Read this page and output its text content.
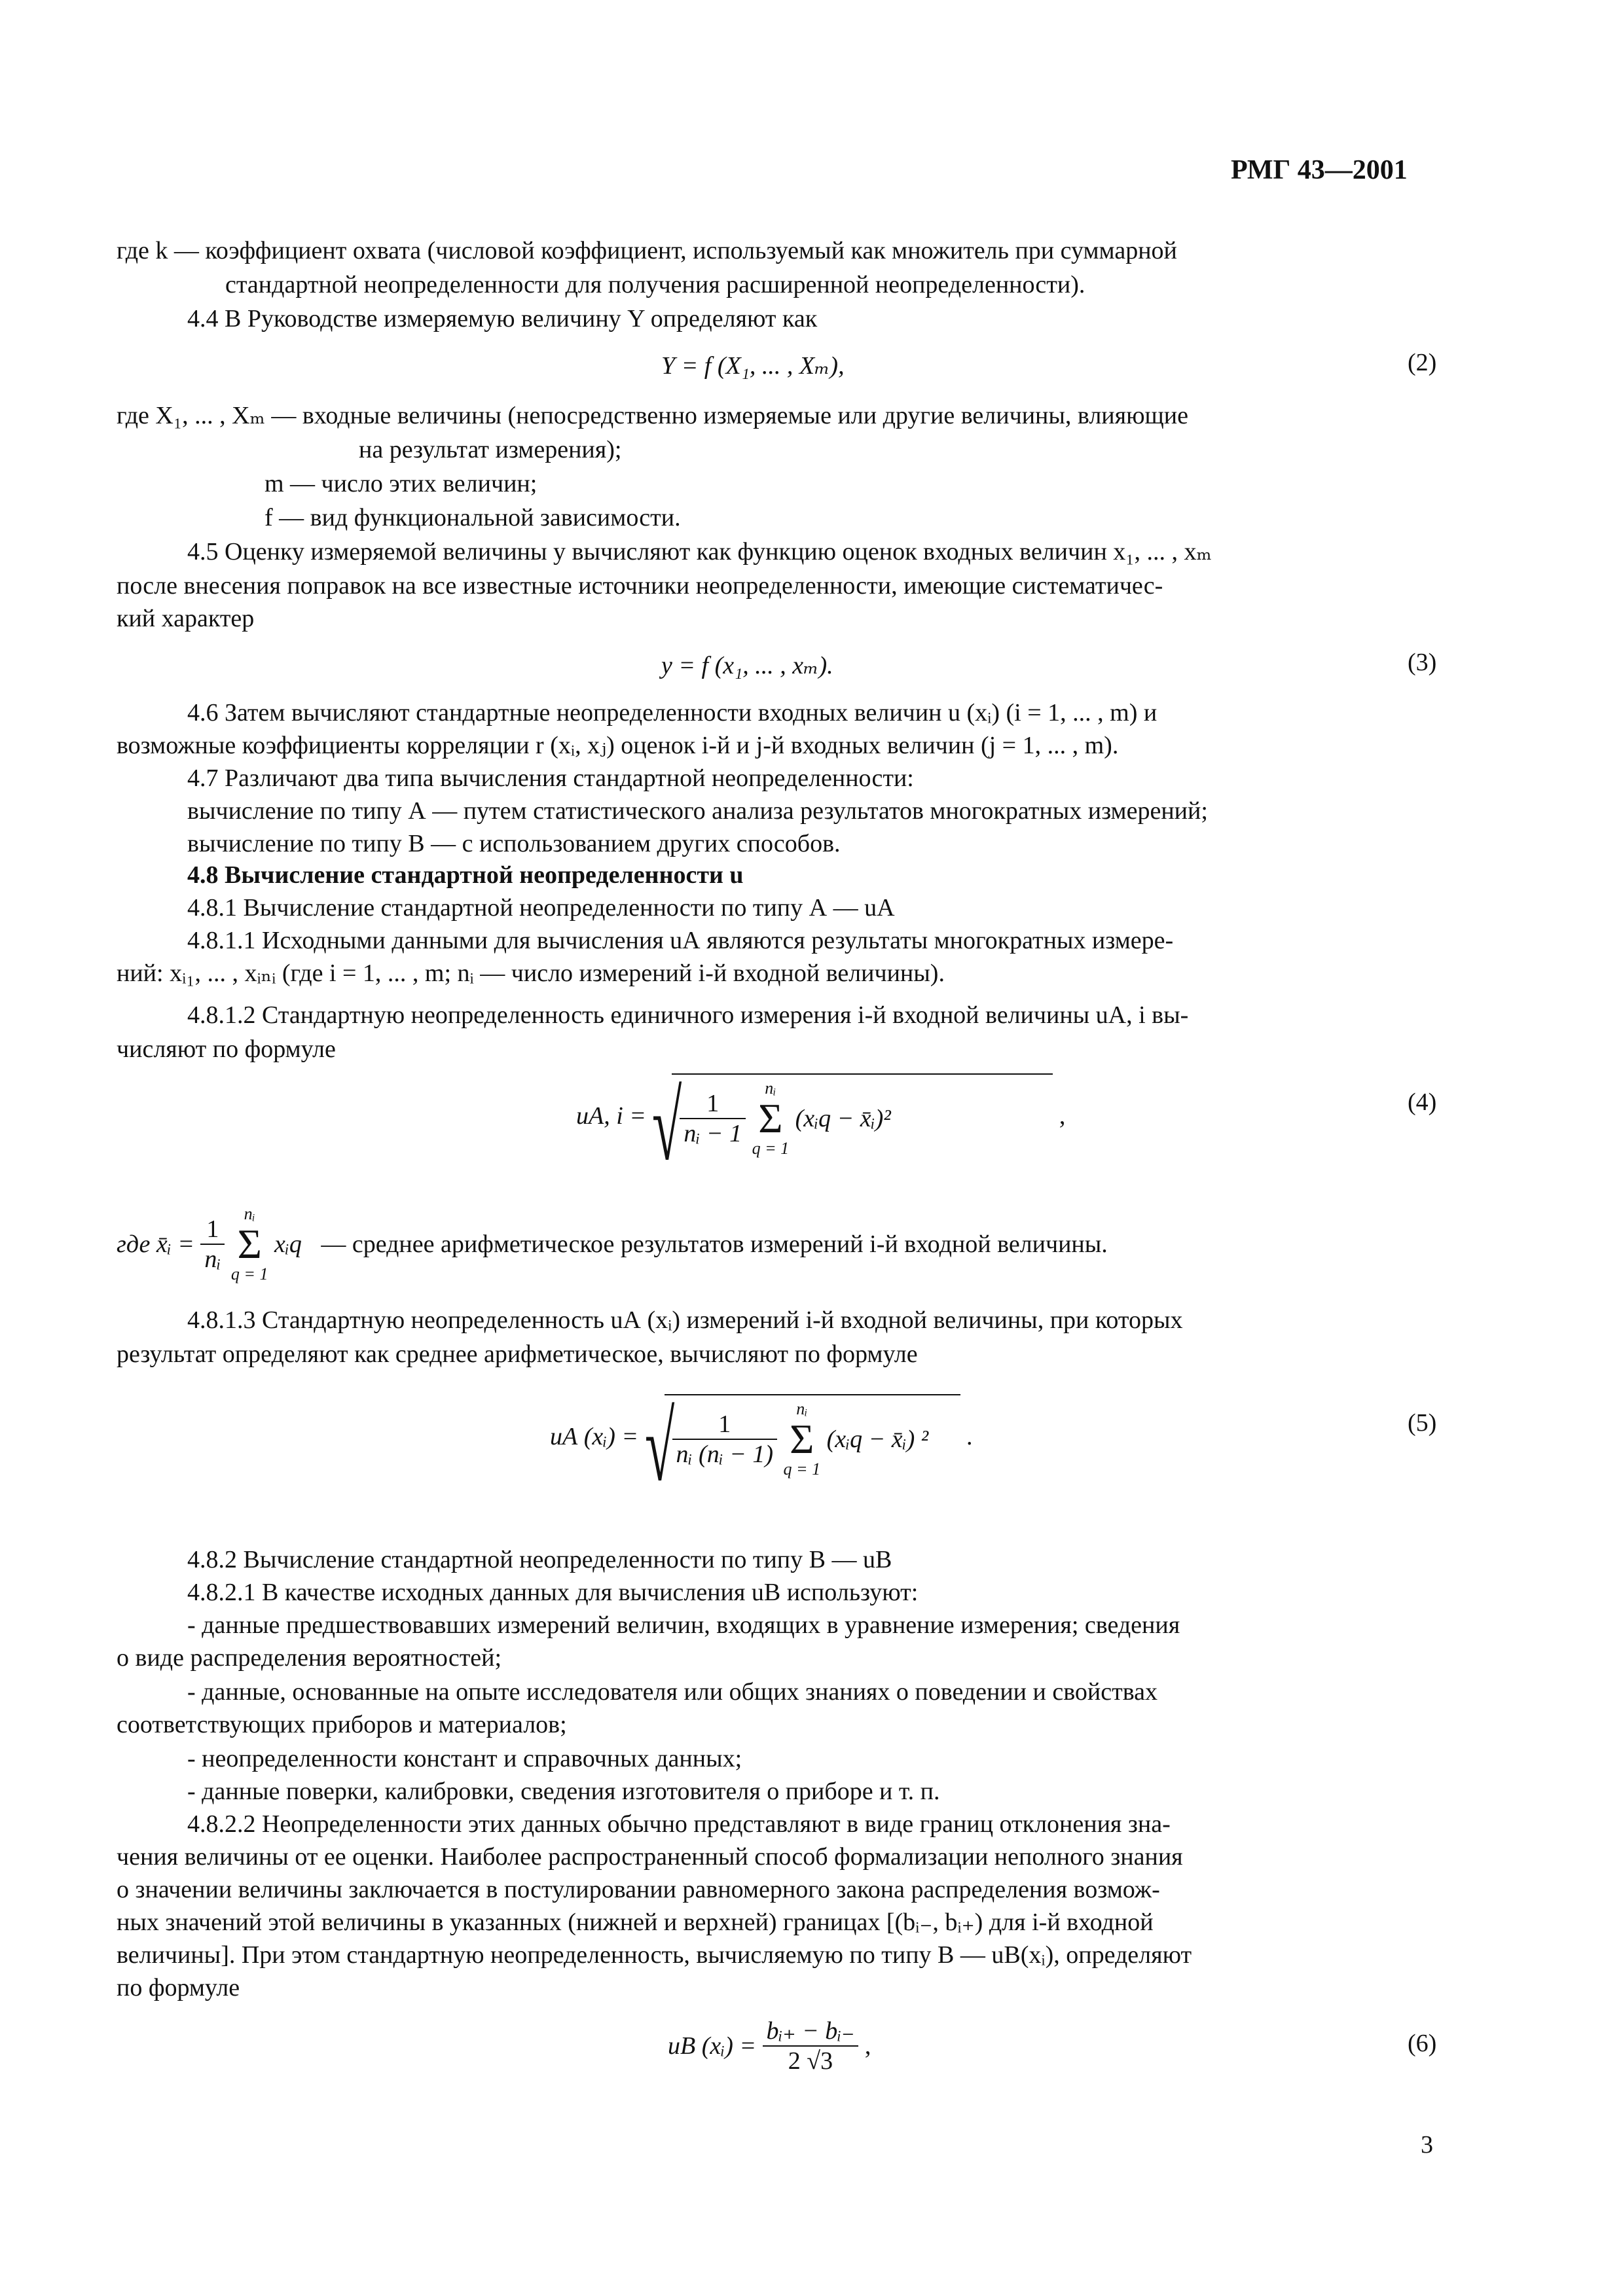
РМГ 43—2001
где k — коэффициент охвата (числовой коэффициент, используемый как множитель при суммарной
стандартной неопределенности для получения расширенной неопределенности).
4.4 В Руководстве измеряемую величину Y определяют как
Y = f (X₁, ... , Xₘ),	(2)
где X₁, ... , Xₘ — входные величины (непосредственно измеряемые или другие величины, влияющие
на результат измерения);
m — число этих величин;
f — вид функциональной зависимости.
4.5 Оценку измеряемой величины y вычисляют как функцию оценок входных величин x₁, ... , xₘ
после внесения поправок на все известные источники неопределенности, имеющие систематичес-
кий характер
y = f (x₁, ... , xₘ).	(3)
4.6 Затем вычисляют стандартные неопределенности входных величин u (xᵢ) (i = 1, ... , m) и
возможные коэффициенты корреляции r (xᵢ, xⱼ) оценок i-й и j-й входных величин (j = 1, ... , m).
4.7 Различают два типа вычисления стандартной неопределенности:
вычисление по типу А — путем статистического анализа результатов многократных измерений;
вычисление по типу В — с использованием других способов.
4.8 Вычисление стандартной неопределенности u
4.8.1 Вычисление стандартной неопределенности по типу А — uА
4.8.1.1 Исходными данными для вычисления uА являются результаты многократных измере-
ний: xᵢ₁, ... , xᵢₙᵢ (где i = 1, ... , m; nᵢ — число измерений i-й входной величины).
4.8.1.2 Стандартную неопределенность единичного измерения i-й входной величины uА, i вы-
числяют по формуле
uА, i = √
$\frac{1}{\text{nᵢ − 1}}$

nᵢ
Σ
q = 1
(xᵢq − x̄ᵢ)²	,	(4)
где x̄ᵢ = $\frac{1}{\text{nᵢ}}$

nᵢ
Σ
q = 1
xᵢq — среднее арифметическое результатов измерений i-й входной величины.
4.8.1.3 Стандартную неопределенность uА (xᵢ) измерений i-й входной величины, при которых
результат определяют как среднее арифметическое, вычисляют по формуле
uА (xᵢ) = √
$\frac{1}{\text{nᵢ (nᵢ − 1)}}$

nᵢ
Σ
q = 1
(xᵢq − x̄ᵢ) ² .	(5)
4.8.2 Вычисление стандартной неопределенности по типу В — uВ
4.8.2.1 В качестве исходных данных для вычисления uВ используют:
- данные предшествовавших измерений величин, входящих в уравнение измерения; сведения
о виде распределения вероятностей;
- данные, основанные на опыте исследователя или общих знаниях о поведении и свойствах
соответствующих приборов и материалов;
- неопределенности констант и справочных данных;
- данные поверки, калибровки, сведения изготовителя о приборе и т. п.
4.8.2.2 Неопределенности этих данных обычно представляют в виде границ отклонения зна-
чения величины от ее оценки. Наиболее распространенный способ формализации неполного знания
о значении величины заключается в постулировании равномерного закона распределения возмож-
ных значений этой величины в указанных (нижней и верхней) границах [(bᵢ₋, bᵢ₊) для i-й входной
величины]. При этом стандартную неопределенность, вычисляемую по типу В — uВ(xᵢ), определяют
по формуле
uВ (xᵢ) = $\frac{\text{bᵢ₊ − bᵢ₋}}{2 √3}$ ,	(6)
3
